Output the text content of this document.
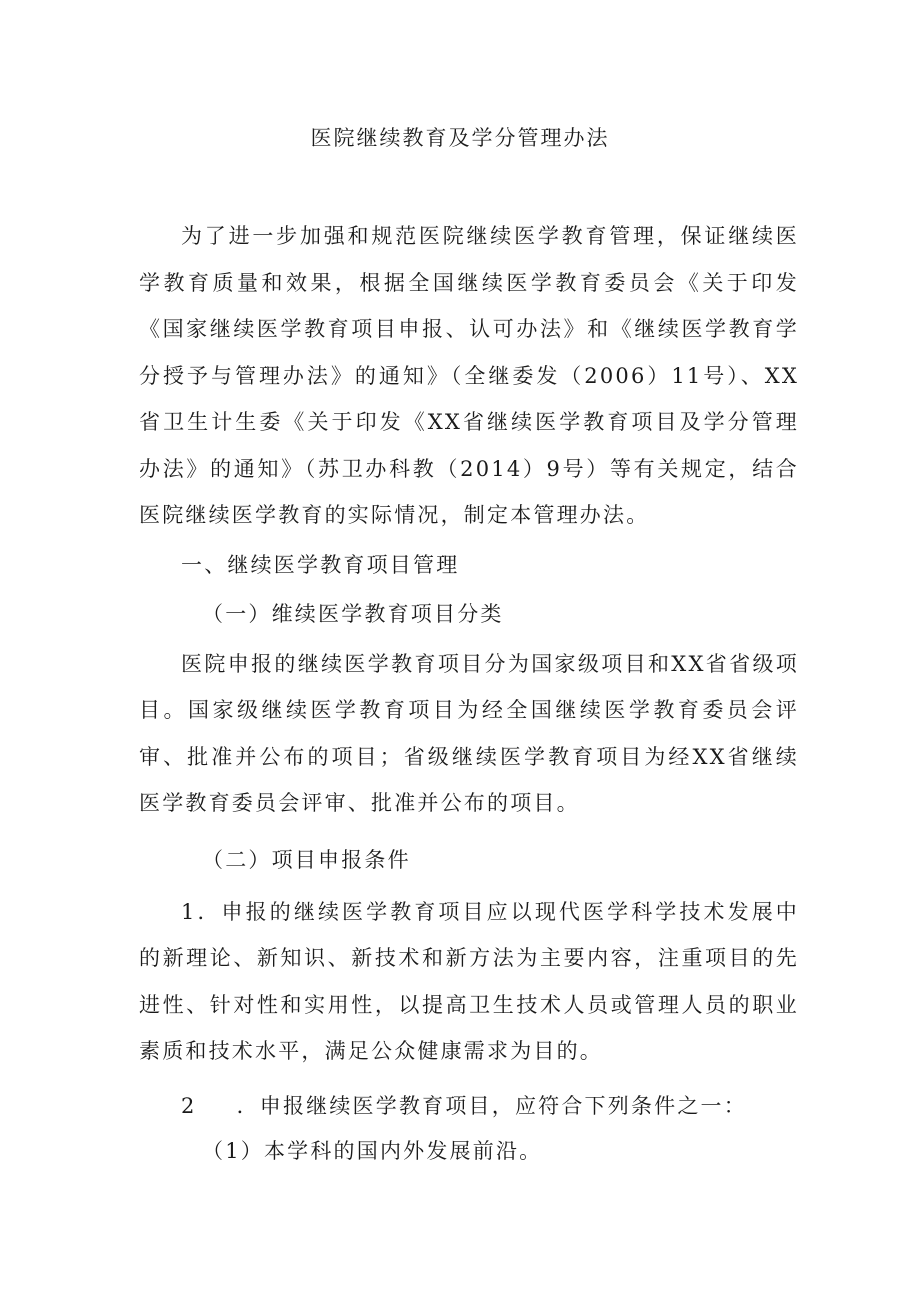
医院继续教育及学分管理办法

为了进一步加强和规范医院继续医学教育管理，保证继续医学教育质量和效果，根据全国继续医学教育委员会《关于印发《国家继续医学教育项目申报、认可办法》和《继续医学教育学分授予与管理办法》的通知》（全继委发（2006）11号）、XX省卫生计生委《关于印发《XX省继续医学教育项目及学分管理办法》的通知》（苏卫办科教（2014）9号）等有关规定，结合医院继续医学教育的实际情况，制定本管理办法。

一、继续医学教育项目管理

（一）维续医学教育项目分类

医院申报的继续医学教育项目分为国家级项目和XX省省级项目。国家级继续医学教育项目为经全国继续医学教育委员会评审、批准并公布的项目；省级继续医学教育项目为经XX省继续医学教育委员会评审、批准并公布的项目。

（二）项目申报条件

1．申报的继续医学教育项目应以现代医学科学技术发展中的新理论、新知识、新技术和新方法为主要内容，注重项目的先进性、针对性和实用性，以提高卫生技术人员或管理人员的职业素质和技术水平，满足公众健康需求为目的。

2 ．申报继续医学教育项目，应符合下列条件之一：

（1）本学科的国内外发展前沿。
